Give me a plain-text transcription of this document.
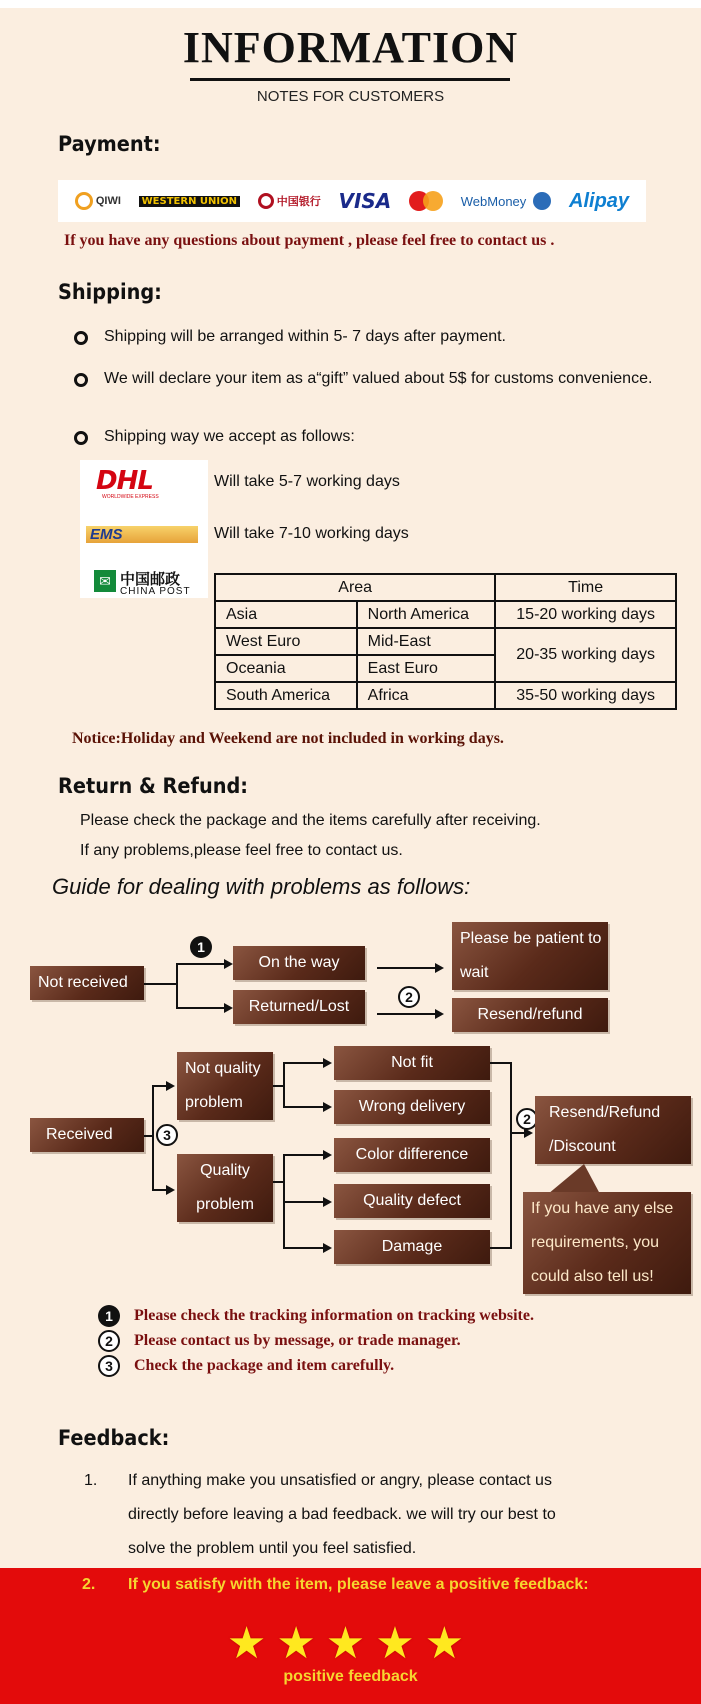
INFORMATION
NOTES FOR CUSTOMERS
Payment:
QIWI	WESTERN UNION	中国银行 VISA	WebMoney Alipay
If you have any questions about payment , please feel free to contact us .
Shipping:
Shipping will be arranged within 5- 7 days after payment.
We will declare your item as a“gift” valued about 5$ for customs convenience.
Shipping way we accept as follows:
DHL
WORLDWIDE EXPRESS
Will take 5-7 working days
EMS	Will take 7-10 working days
✉ 中国邮政
CHINA POST	Area		Time
Asia	North America	15-20 working days
West Euro	Mid-East	20-35 working days
Oceania	East Euro	
South America	Africa	35-50 working days
Notice:Holiday and Weekend are not included in working days.
Return & Refund:
Please check the package and the items carefully after receiving.
If any problems,please feel free to contact us.
Guide for dealing with problems as follows:
Not received
1
On the way
Returned/Lost
2
Please be patient to wait
Resend/refund
Received	3
Not quality problem
Quality problem
Not fit
Wrong delivery
Color difference
Quality defect
Damage
2	Resend/Refund /Discount
If you have any else requirements, you could also tell us!
1	Please check the tracking information on tracking website.
2	Please contact us by message, or trade manager.
3	Check the package and item carefully.
Feedback:
1. If anything make you unsatisfied or angry, please contact us
directly before leaving a bad feedback. we will try our best to
solve the problem until you feel satisfied.
2. If you satisfy with the item, please leave a positive feedback:
★★★★★
positive feedback
